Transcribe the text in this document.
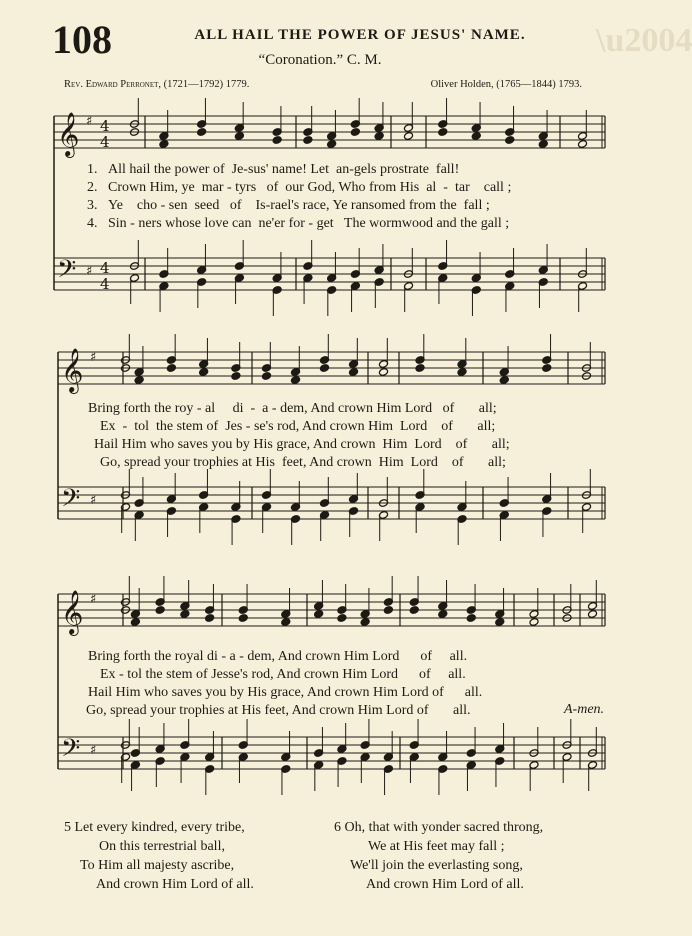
\u2004
108	ALL HAIL THE POWER OF JESUS' NAME.
“Coronation.” C. M.
Rev. Edward Perronet, (1721—1792) 1779.	Oliver Holden, (1765—1844) 1793.
𝄞
𝄢
♯
♯
4
4
4
4
𝄞
𝄢
♯
♯
𝄞
𝄢
♯
♯
1. All hail the power of  Je-sus' name! Let  an-gels prostrate  fall!
2. Crown Him, ye  mar - tyrs   of  our God, Who from His  al  -  tar    call ;
3. Ye    cho - sen  seed   of    Is-rael's race, Ye ransomed from the  fall ;
4. Sin - ners whose love can  ne'er for - get   The wormwood and the gall ;
Bring forth the roy - al     di  -  a - dem, And crown Him Lord   of       all;
Ex  -  tol  the stem of  Jes - se's rod, And crown Him  Lord    of       all;
Hail Him who saves you by His grace, And crown  Him  Lord    of       all;
Go, spread your trophies at His  feet, And crown  Him  Lord    of       all;
Bring forth the royal di - a - dem, And crown Him Lord      of     all.
Ex - tol the stem of Jesse's rod, And crown Him Lord      of     all.
Hail Him who saves you by His grace, And crown Him Lord of      all.
Go, spread your trophies at His feet, And crown Him Lord of       all.	A-men.
5 Let every kindred, every tribe,
On this terrestrial ball,
To Him all majesty ascribe,
And crown Him Lord of all.
6 Oh, that with yonder sacred throng,
We at His feet may fall ;
We'll join the everlasting song,
And crown Him Lord of all.
